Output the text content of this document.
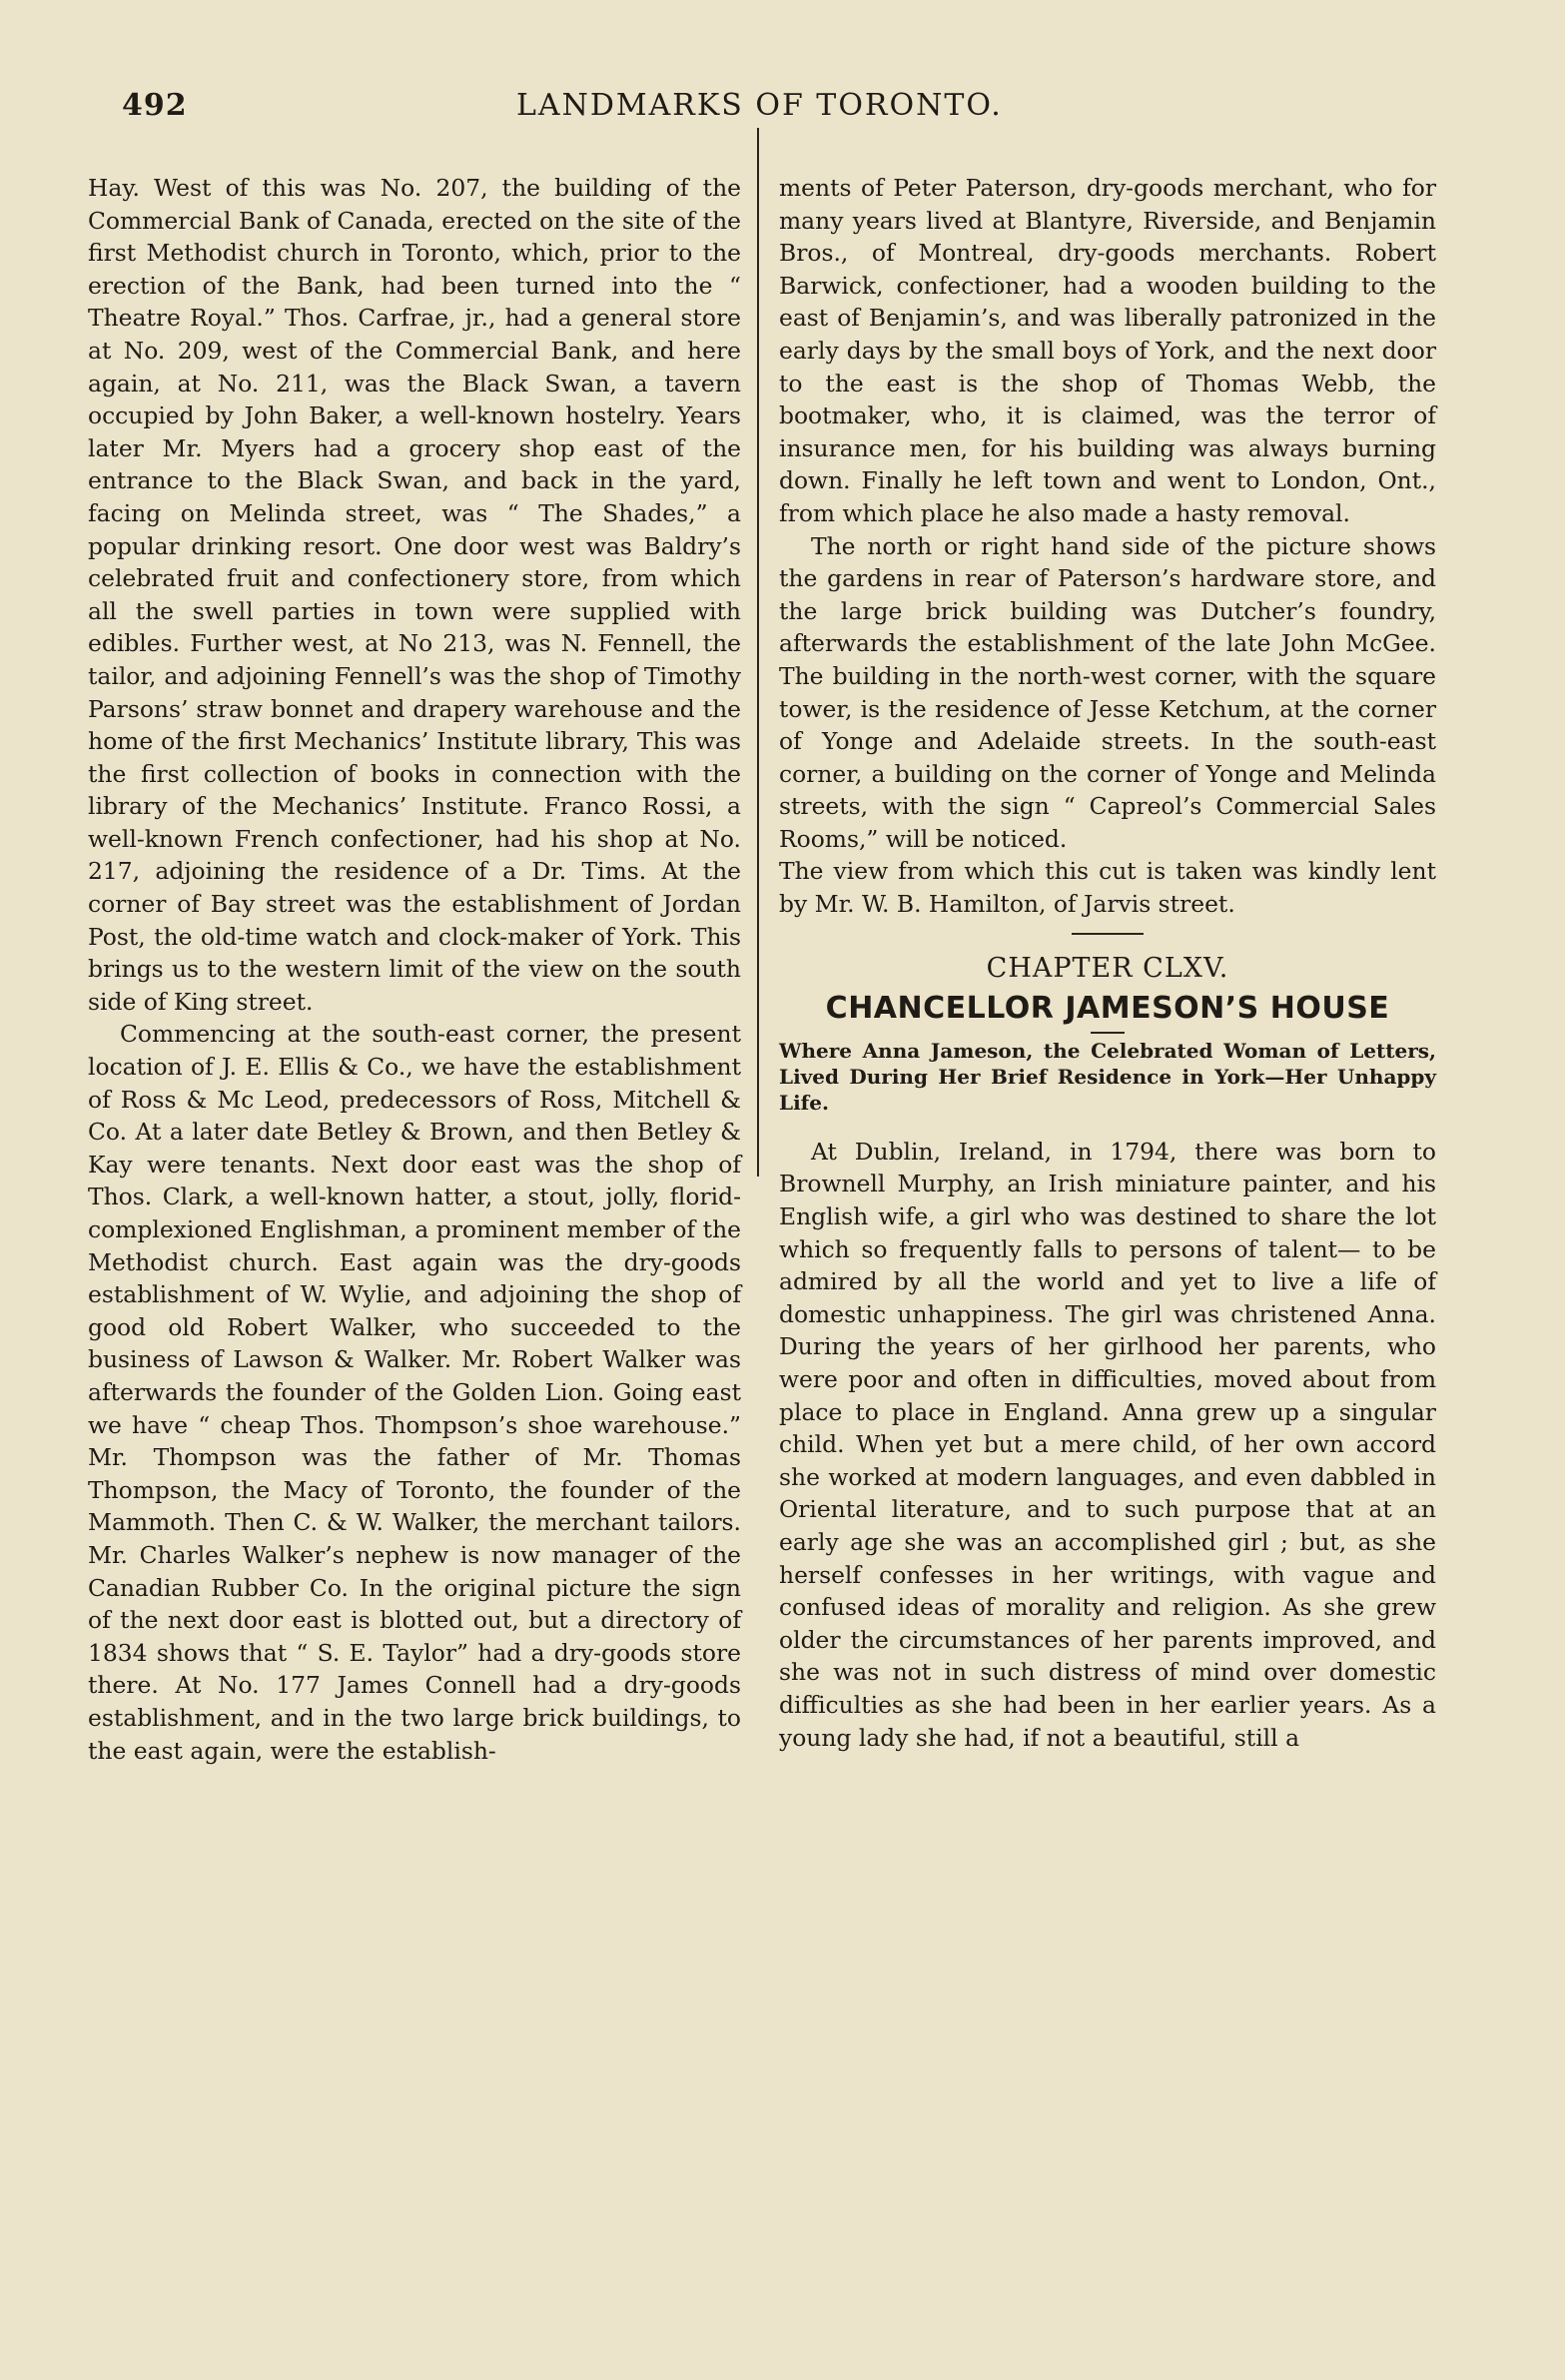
492	LANDMARKS OF TORONTO.

Hay. West of this was No. 207, the building of the Commercial Bank of Canada, erected on the site of the first Methodist church in Toronto, which, prior to the erection of the Bank, had been turned into the “ Theatre Royal.” Thos. Carfrae, jr., had a general store at No. 209, west of the Commercial Bank, and here again, at No. 211, was the Black Swan, a tavern occupied by John Baker, a well-known hostelry. Years later Mr. Myers had a grocery shop east of the entrance to the Black Swan, and back in the yard, facing on Melinda street, was “ The Shades,” a popular drinking resort. One door west was Baldry’s celebrated fruit and confectionery store, from which all the swell parties in town were supplied with edibles. Further west, at No 213, was N. Fennell, the tailor, and adjoining Fennell’s was the shop of Timothy Parsons’ straw bonnet and drapery warehouse and the home of the first Mechanics’ Institute library, This was the first collection of books in connection with the library of the Mechanics’ Institute. Franco Rossi, a well-known French confectioner, had his shop at No. 217, adjoining the residence of a Dr. Tims. At the corner of Bay street was the establishment of Jordan Post, the old-time watch and clock-maker of York. This brings us to the western limit of the view on the south side of King street.

Commencing at the south-east corner, the present location of J. E. Ellis & Co., we have the establishment of Ross & Mc Leod, predecessors of Ross, Mitchell & Co. At a later date Betley & Brown, and then Betley & Kay were tenants. Next door east was the shop of Thos. Clark, a well-known hatter, a stout, jolly, florid-complexioned Englishman, a prominent member of the Methodist church. East again was the dry-goods establishment of W. Wylie, and adjoining the shop of good old Robert Walker, who succeeded to the business of Lawson & Walker. Mr. Robert Walker was afterwards the founder of the Golden Lion. Going east we have “ cheap Thos. Thompson’s shoe warehouse.” Mr. Thompson was the father of Mr. Thomas Thompson, the Macy of Toronto, the founder of the Mammoth. Then C. & W. Walker, the merchant tailors. Mr. Charles Walker’s nephew is now manager of the Canadian Rubber Co. In the original picture the sign of the next door east is blotted out, but a directory of 1834 shows that “ S. E. Taylor” had a dry-goods store there. At No. 177 James Connell had a dry-goods establishment, and in the two large brick buildings, to the east again, were the establish-

ments of Peter Paterson, dry-goods merchant, who for many years lived at Blantyre, Riverside, and Benjamin Bros., of Montreal, dry-goods merchants. Robert Barwick, confectioner, had a wooden building to the east of Benjamin’s, and was liberally patronized in the early days by the small boys of York, and the next door to the east is the shop of Thomas Webb, the bootmaker, who, it is claimed, was the terror of insurance men, for his building was always burning down. Finally he left town and went to London, Ont., from which place he also made a hasty removal.

The north or right hand side of the picture shows the gardens in rear of Paterson’s hardware store, and the large brick building was Dutcher’s foundry, afterwards the establishment of the late John McGee. The building in the north-west corner, with the square tower, is the residence of Jesse Ketchum, at the corner of Yonge and Adelaide streets. In the south-east corner, a building on the corner of Yonge and Melinda streets, with the sign “ Capreol’s Commercial Sales Rooms,” will be noticed.

The view from which this cut is taken was kindly lent by Mr. W. B. Hamilton, of Jarvis street.

CHAPTER CLXV.
CHANCELLOR JAMESON’S HOUSE
Where Anna Jameson, the Celebrated Woman of Letters, Lived During Her Brief Residence in York—Her Unhappy Life.

At Dublin, Ireland, in 1794, there was born to Brownell Murphy, an Irish miniature painter, and his English wife, a girl who was destined to share the lot which so frequently falls to persons of talent— to be admired by all the world and yet to live a life of domestic unhappiness. The girl was christened Anna. During the years of her girlhood her parents, who were poor and often in difficulties, moved about from place to place in England. Anna grew up a singular child. When yet but a mere child, of her own accord she worked at modern languages, and even dabbled in Oriental literature, and to such purpose that at an early age she was an accomplished girl ; but, as she herself confesses in her writings, with vague and confused ideas of morality and religion. As she grew older the circumstances of her parents improved, and she was not in such distress of mind over domestic difficulties as she had been in her earlier years. As a young lady she had, if not a beautiful, still a
